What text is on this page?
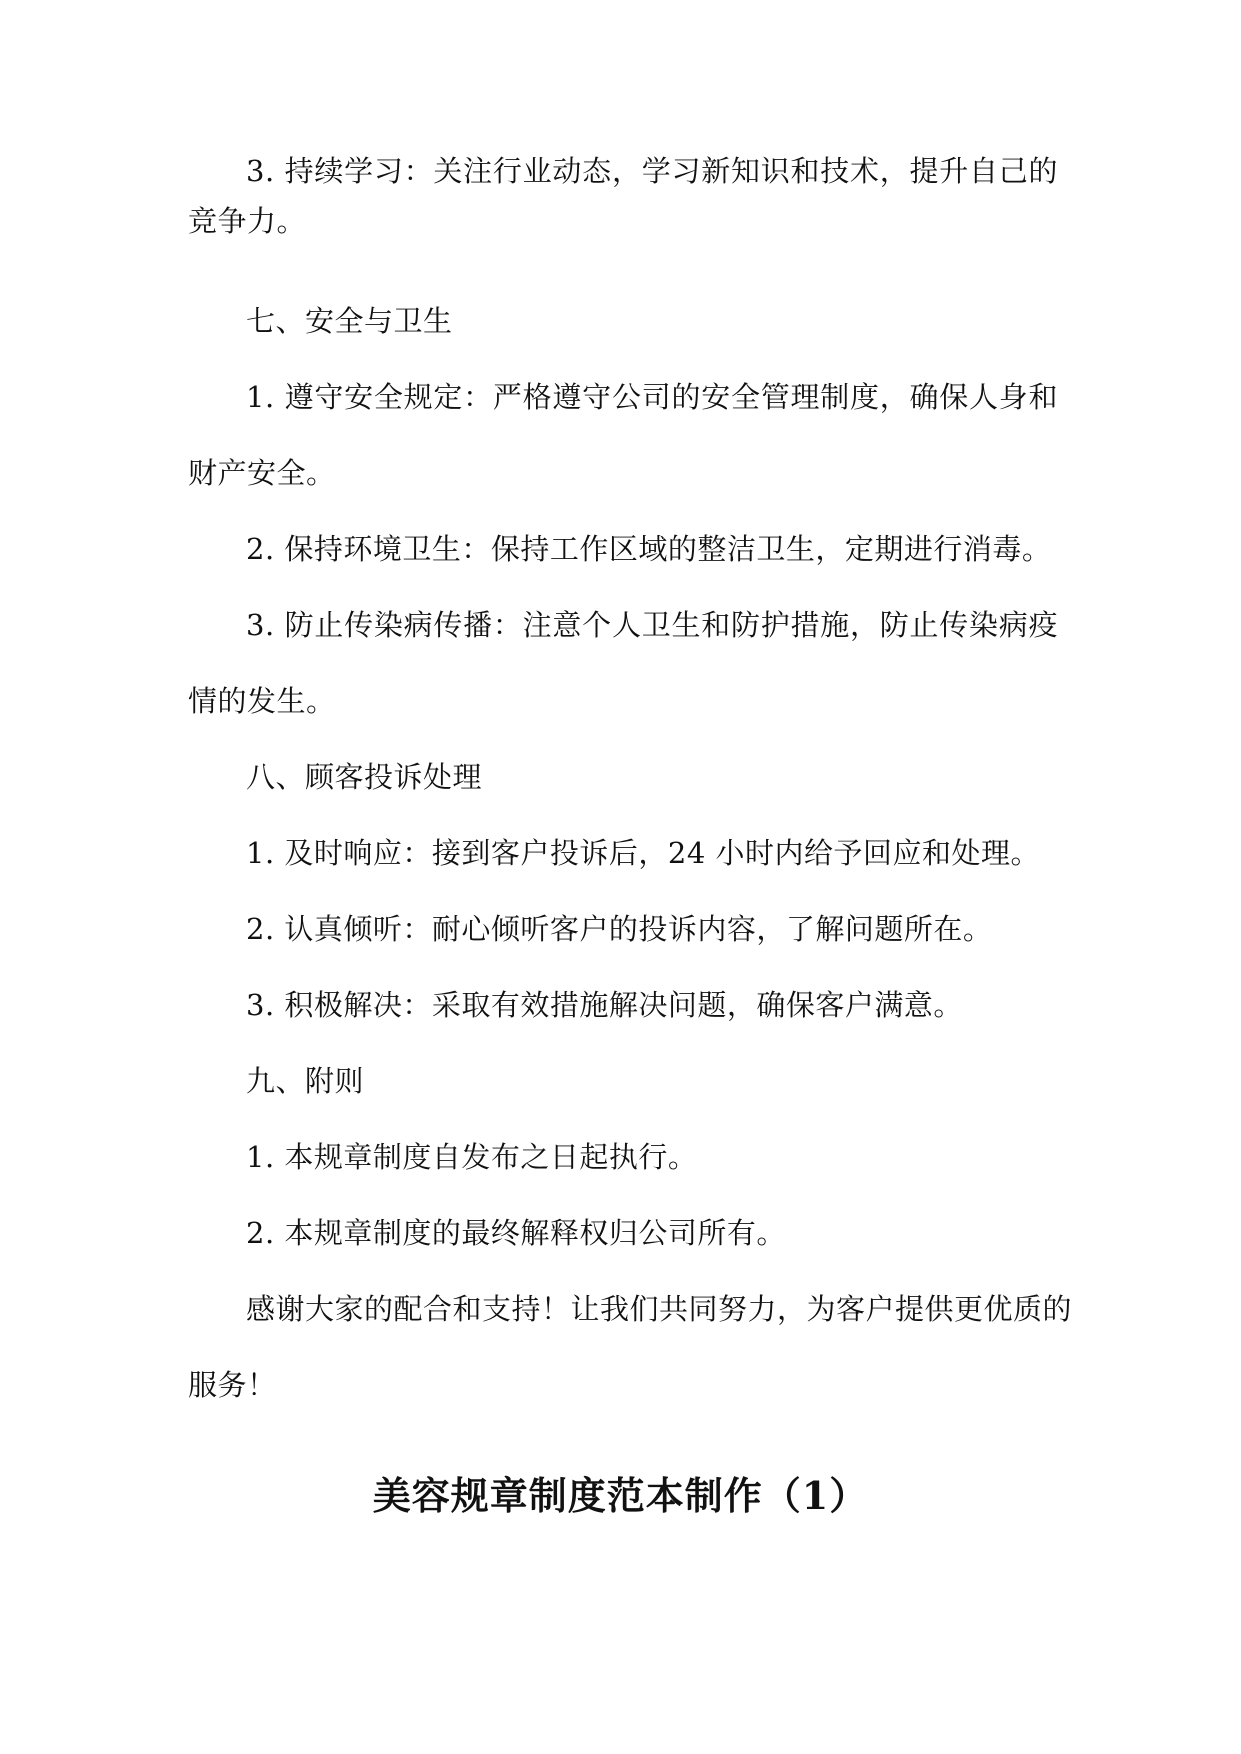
3. 持续学习：关注行业动态，学习新知识和技术，提升自己的
竞争力。
七、安全与卫生
1. 遵守安全规定：严格遵守公司的安全管理制度，确保人身和
财产安全。
2. 保持环境卫生：保持工作区域的整洁卫生，定期进行消毒。
3. 防止传染病传播：注意个人卫生和防护措施，防止传染病疫
情的发生。
八、顾客投诉处理
1. 及时响应：接到客户投诉后，24 小时内给予回应和处理。
2. 认真倾听：耐心倾听客户的投诉内容，了解问题所在。
3. 积极解决：采取有效措施解决问题，确保客户满意。
九、附则
1. 本规章制度自发布之日起执行。
2. 本规章制度的最终解释权归公司所有。
感谢大家的配合和支持！让我们共同努力，为客户提供更优质的
服务！
美容规章制度范本制作（1）
